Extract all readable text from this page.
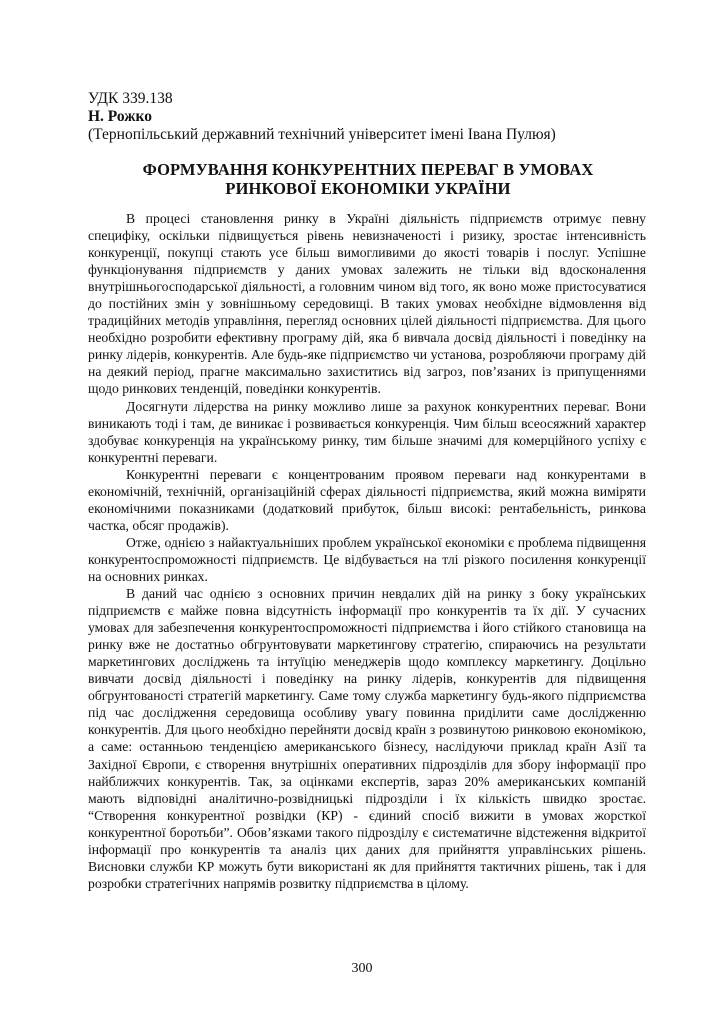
УДК 339.138
Н. Рожко
(Тернопільський державний технічний університет імені Івана Пулюя)
ФОРМУВАННЯ КОНКУРЕНТНИХ ПЕРЕВАГ В УМОВАХ
РИНКОВОЇ ЕКОНОМІКИ УКРАЇНИ

В процесі становлення ринку в Україні діяльність підприємств отримує певну специфіку, оскільки підвищується рівень невизначеності і ризику, зростає інтенсивність конкуренції, покупці стають усе більш вимогливими до якості товарів і послуг. Успішне функціонування підприємств у даних умовах залежить не тільки від вдосконалення внутрішньогосподарської діяльності, а головним чином від того, як воно може пристосуватися до постійних змін у зовнішньому середовищі. В таких умовах необхідне відмовлення від традиційних методів управління, перегляд основних цілей діяльності підприємства. Для цього необхідно розробити ефективну програму дій, яка б вивчала досвід діяльності і поведінку на ринку лідерів, конкурентів. Але будь-яке підприємство чи установа, розробляючи програму дій на деякий період, прагне максимально захиститись від загроз, пов’язаних із припущеннями щодо ринкових тенденцій, поведінки конкурентів.

Досягнути лідерства на ринку можливо лише за рахунок конкурентних переваг. Вони виникають тоді і там, де виникає і розвивається конкуренція. Чим більш всеосяжний характер здобуває конкуренція на українському ринку, тим більше значимі для комерційного успіху є конкурентні переваги.

Конкурентні переваги є концентрованим проявом переваги над конкурентами в економічній, технічній, організаційній сферах діяльності підприємства, який можна виміряти економічними показниками (додатковий прибуток, більш високі: рентабельність, ринкова частка, обсяг продажів).

Отже, однією з найактуальніших проблем української економіки є проблема підвищення конкурентоспроможності підприємств. Це відбувається на тлі різкого посилення конкуренції на основних ринках.

В даний час однією з основних причин невдалих дій на ринку з боку українських підприємств є майже повна відсутність інформації про конкурентів та їх дії. У сучасних умовах для забезпечення конкурентоспроможності підприємства і його стійкого становища на ринку вже не достатньо обгрунтовувати маркетингову стратегію, спираючись на результати маркетингових досліджень та інтуїцію менеджерів щодо комплексу маркетингу. Доцільно вивчати досвід діяльності і поведінку на ринку лідерів, конкурентів для підвищення обгрунтованості стратегій маркетингу. Саме тому служба маркетингу будь-якого підприємства під час дослідження середовища особливу увагу повинна приділити саме дослідженню конкурентів. Для цього необхідно перейняти досвід країн з розвинутою ринковою економікою, а саме: останньою тенденцією американського бізнесу, наслідуючи приклад країн Азії та Західної Європи, є створення внутрішніх оперативних підрозділів для збору інформації про найближчих конкурентів. Так, за оцінками експертів, зараз 20% американських компаній мають відповідні аналітично-розвідницькі підрозділи і їх кількість швидко зростає. “Створення конкурентної розвідки (КР) - єдиний спосіб вижити в умовах жорсткої конкурентної боротьби”. Обов’язками такого підрозділу є систематичне відстеження відкритої інформації про конкурентів та аналіз цих даних для прийняття управлінських рішень. Висновки служби КР можуть бути використані як для прийняття тактичних рішень, так і для розробки стратегічних напрямів розвитку підприємства в цілому.

300
